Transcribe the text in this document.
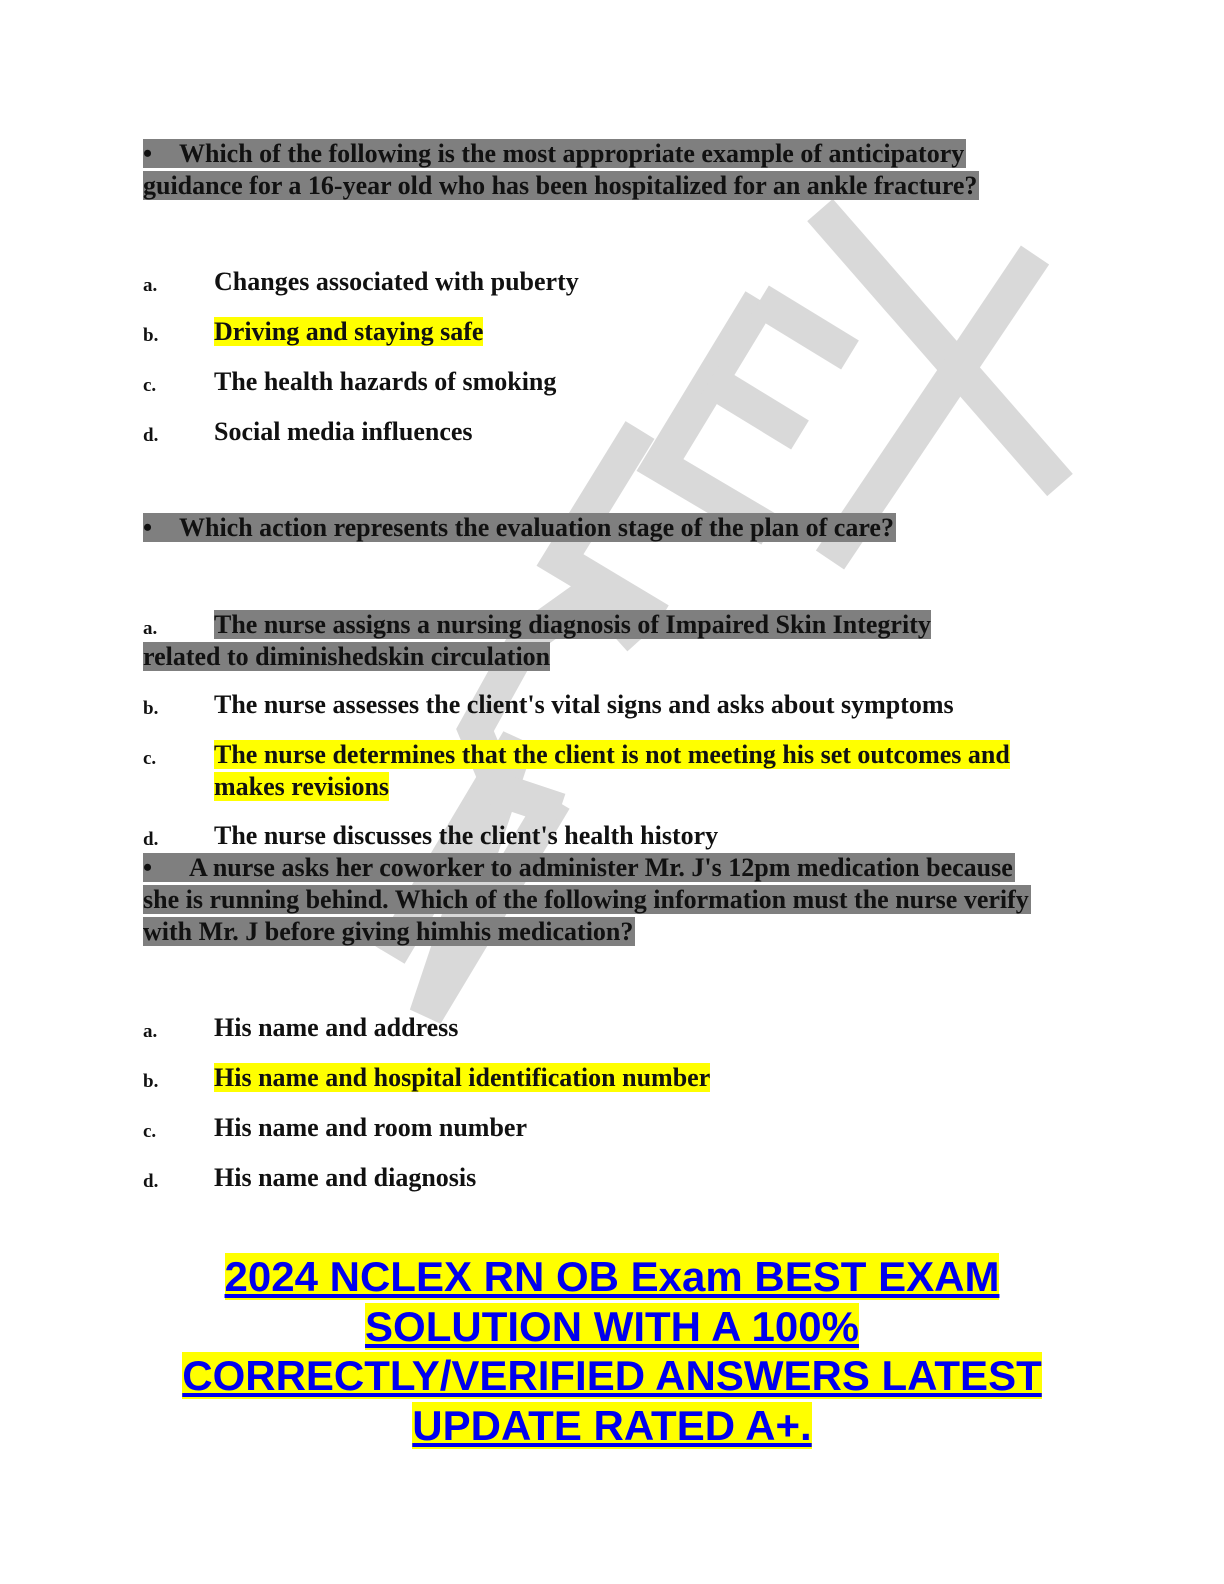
• Which of the following is the most appropriate example of anticipatory guidance for a 16-year old who has been hospitalized for an ankle fracture?
a.	Changes associated with puberty
b.	Driving and staying safe
c.	The health hazards of smoking
d.	Social media influences
• Which action represents the evaluation stage of the plan of care?
a.	The nurse assigns a nursing diagnosis of Impaired Skin Integrity related to diminishedskin circulation
b.	The nurse assesses the client's vital signs and asks about symptoms
c.	The nurse determines that the client is not meeting his set outcomes and makes revisions
d.	The nurse discusses the client's health history
• A nurse asks her coworker to administer Mr. J's 12pm medication because she is running behind. Which of the following information must the nurse verify with Mr. J before giving himhis medication?
a.	His name and address
b.	His name and hospital identification number
c.	His name and room number
d.	His name and diagnosis
2024 NCLEX RN OB Exam BEST EXAM
SOLUTION WITH A 100%
CORRECTLY/VERIFIED ANSWERS LATEST
UPDATE RATED A+.
